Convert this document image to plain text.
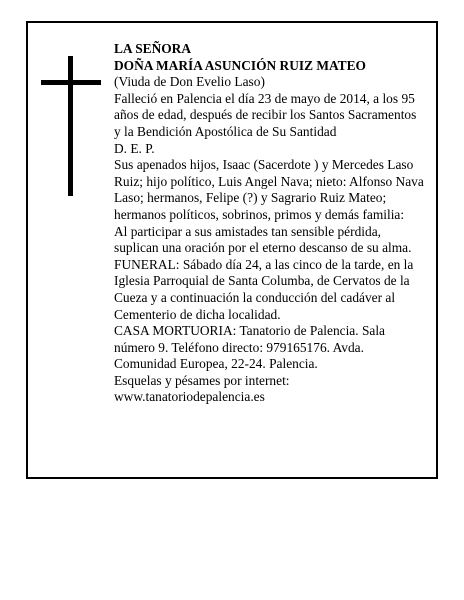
LA SEÑORA

DOÑA MARÍA ASUNCIÓN RUIZ MATEO

(Viuda de Don Evelio Laso)

Falleció en Palencia el día 23 de mayo de 2014, a los 95 años de edad, después de recibir los Santos Sacramentos y la Bendición Apostólica de Su Santidad

D. E. P.

Sus apenados hijos, Isaac (Sacerdote ) y Mercedes Laso Ruiz; hijo político, Luis Angel Nava; nieto: Alfonso Nava Laso; hermanos, Felipe (?) y Sagrario Ruiz Mateo; hermanos políticos, sobrinos, primos y demás familia:

Al participar a sus amistades tan sensible pérdida, suplican una oración por el eterno descanso de su alma.

FUNERAL: Sábado día 24, a las cinco de la tarde, en la Iglesia Parroquial de Santa Columba, de Cervatos de la Cueza y a continuación la conducción del cadáver al Cementerio de dicha localidad.

CASA MORTUORIA: Tanatorio de Palencia. Sala número 9. Teléfono directo: 979165176. Avda. Comunidad Europea, 22-24. Palencia.

Esquelas y pésames por internet:

www.tanatoriodepalencia.es
